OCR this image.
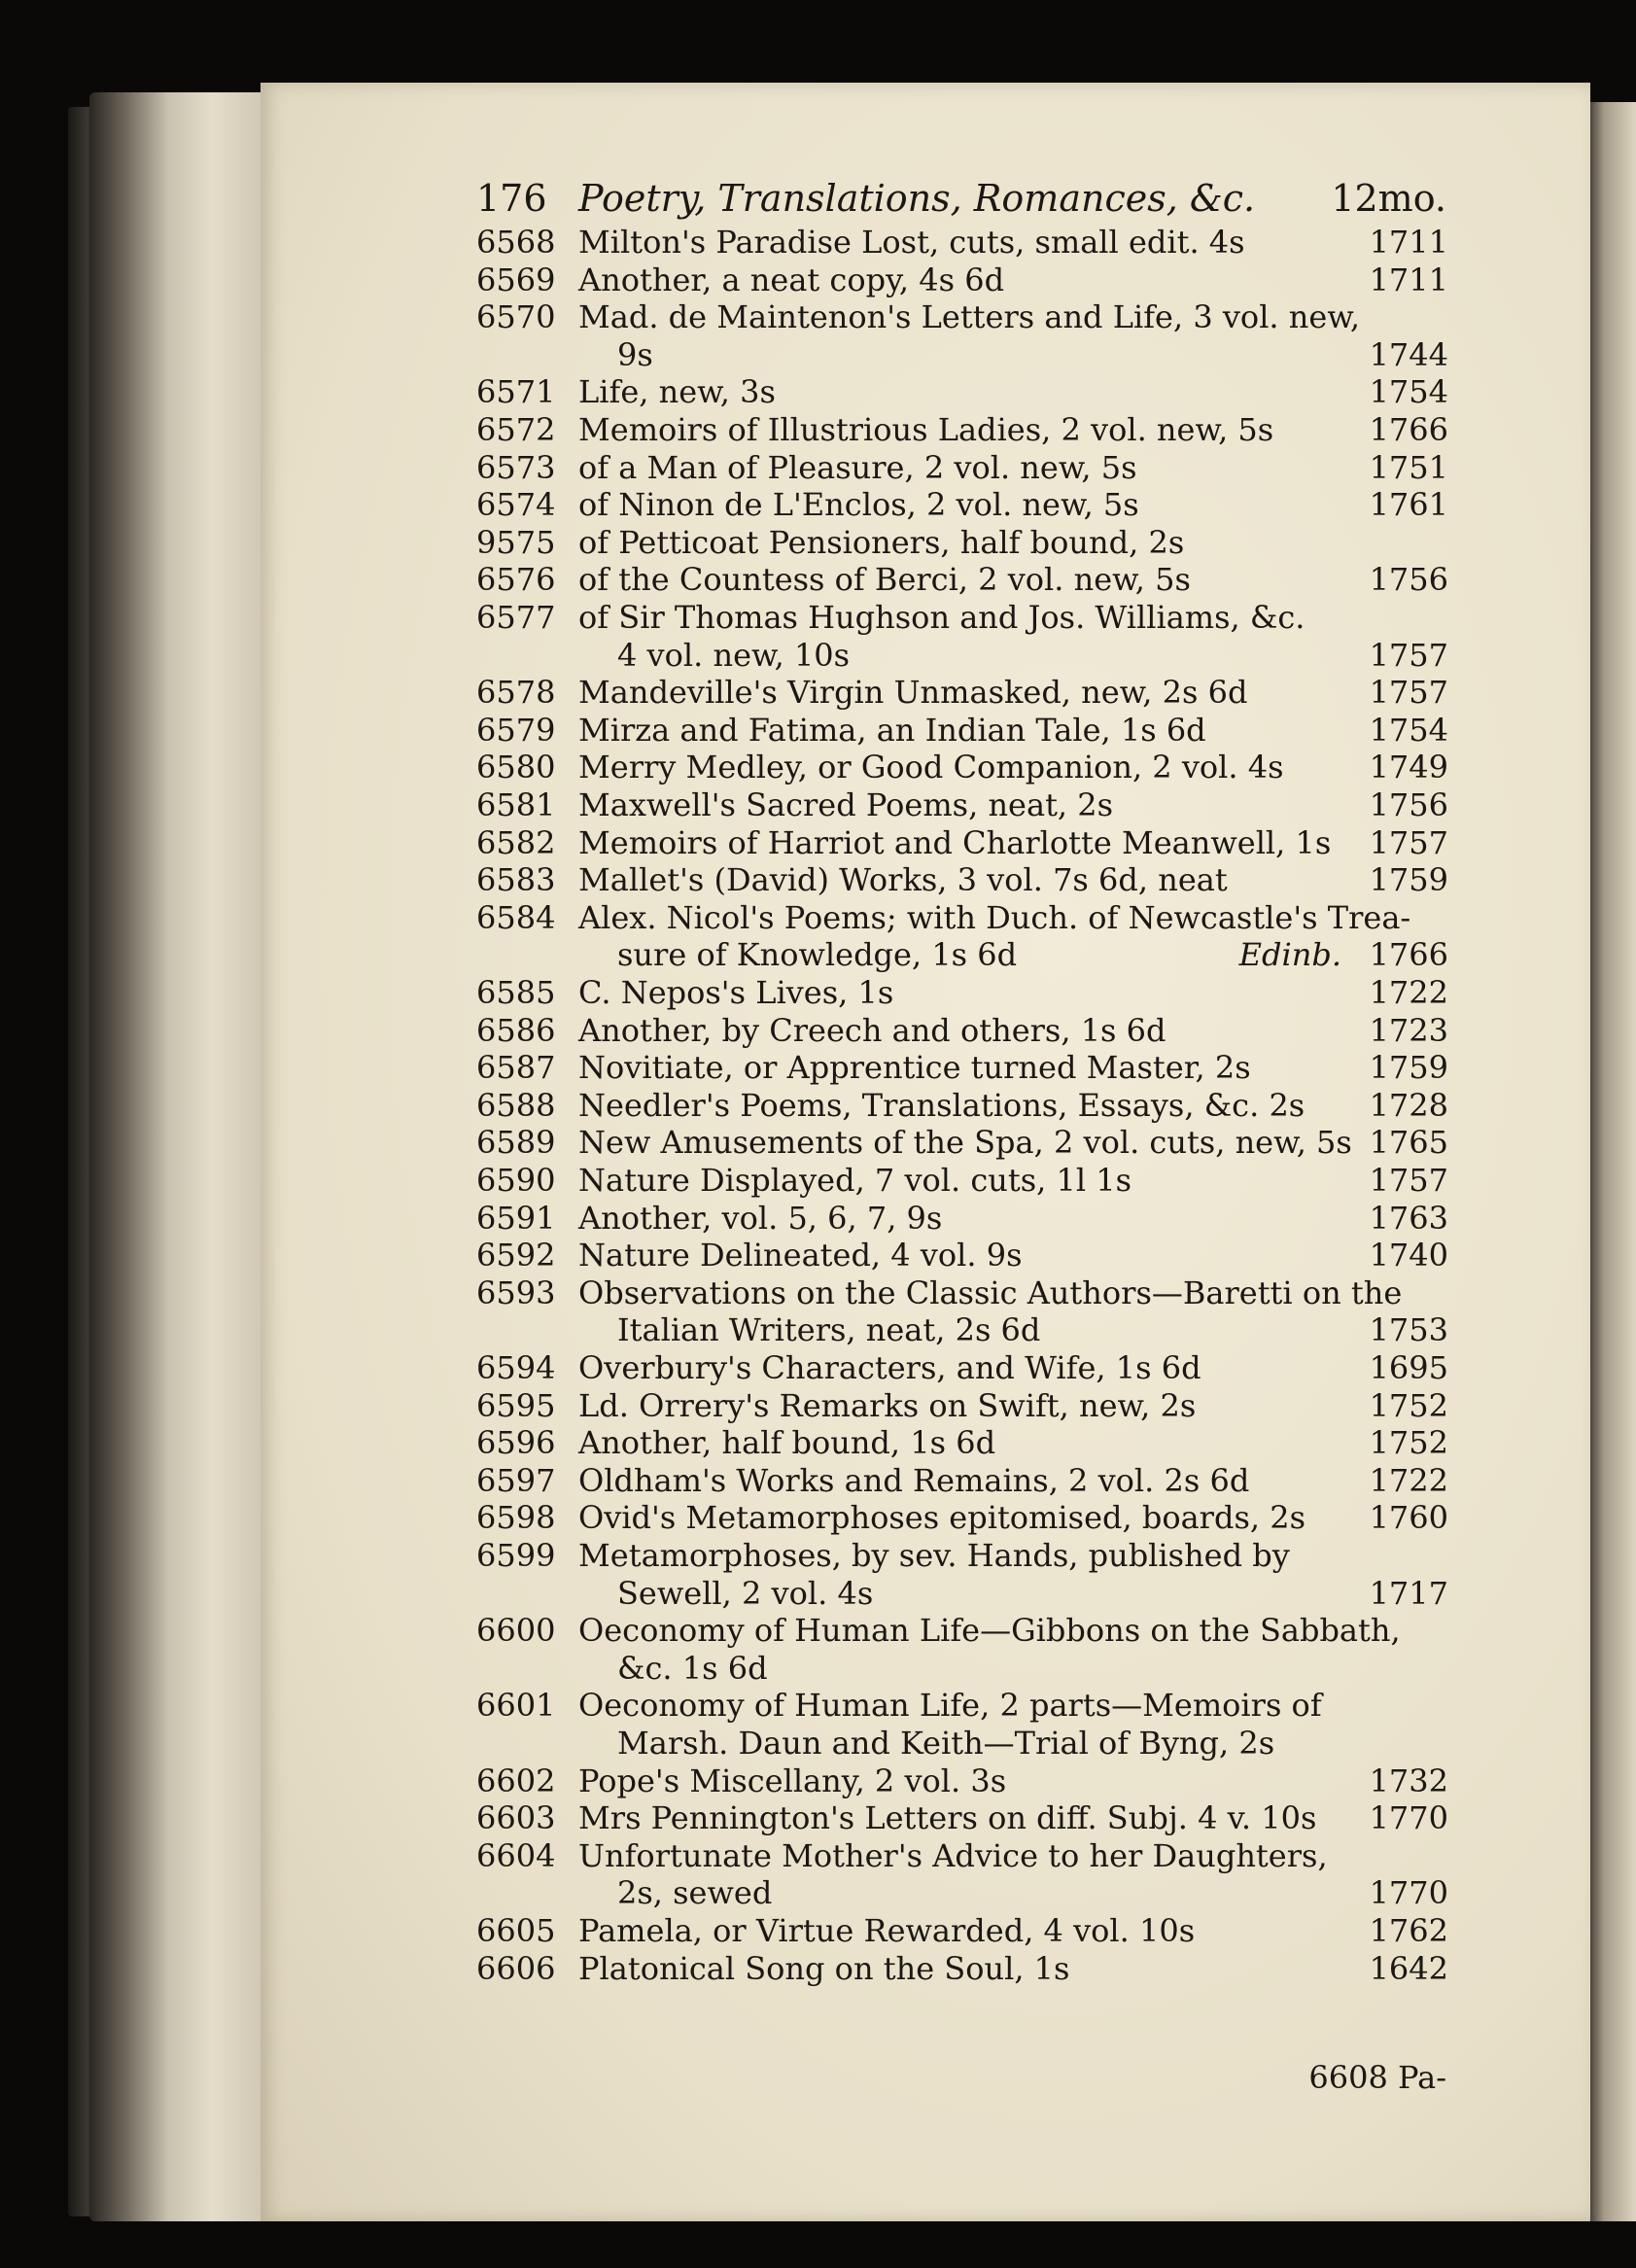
176 Poetry, Translations, Romances, &c. 12mo.
6568 Milton's Paradise Lost, cuts, small edit. 4s	1711
6569 Another, a neat copy, 4s 6d	1711
6570 Mad. de Maintenon's Letters and Life, 3 vol. new,
9s	1744
6571 Life, new, 3s	1754
6572 Memoirs of Illustrious Ladies, 2 vol. new, 5s	1766
6573 of a Man of Pleasure, 2 vol. new, 5s	1751
6574 of Ninon de L'Enclos, 2 vol. new, 5s	1761
9575 of Petticoat Pensioners, half bound, 2s
6576 of the Countess of Berci, 2 vol. new, 5s	1756
6577 of Sir Thomas Hughson and Jos. Williams, &c.
4 vol. new, 10s	1757
6578 Mandeville's Virgin Unmasked, new, 2s 6d	1757
6579 Mirza and Fatima, an Indian Tale, 1s 6d	1754
6580 Merry Medley, or Good Companion, 2 vol. 4s	1749
6581 Maxwell's Sacred Poems, neat, 2s	1756
6582 Memoirs of Harriot and Charlotte Meanwell, 1s	1757
6583 Mallet's (David) Works, 3 vol. 7s 6d, neat	1759
6584 Alex. Nicol's Poems; with Duch. of Newcastle's Trea-
sure of Knowledge, 1s 6d	Edinb. 1766
6585 C. Nepos's Lives, 1s	1722
6586 Another, by Creech and others, 1s 6d	1723
6587 Novitiate, or Apprentice turned Master, 2s	1759
6588 Needler's Poems, Translations, Essays, &c. 2s	1728
6589 New Amusements of the Spa, 2 vol. cuts, new, 5s 1765
6590 Nature Displayed, 7 vol. cuts, 1l 1s	1757
6591 Another, vol. 5, 6, 7, 9s	1763
6592 Nature Delineated, 4 vol. 9s	1740
6593 Observations on the Classic Authors—Baretti on the
Italian Writers, neat, 2s 6d	1753
6594 Overbury's Characters, and Wife, 1s 6d	1695
6595 Ld. Orrery's Remarks on Swift, new, 2s	1752
6596 Another, half bound, 1s 6d	1752
6597 Oldham's Works and Remains, 2 vol. 2s 6d	1722
6598 Ovid's Metamorphoses epitomised, boards, 2s	1760
6599 Metamorphoses, by sev. Hands, published by
Sewell, 2 vol. 4s	1717
6600 Oeconomy of Human Life—Gibbons on the Sabbath,
&c. 1s 6d
6601 Oeconomy of Human Life, 2 parts—Memoirs of
Marsh. Daun and Keith—Trial of Byng, 2s
6602 Pope's Miscellany, 2 vol. 3s	1732
6603 Mrs Pennington's Letters on diff. Subj. 4 v. 10s	1770
6604 Unfortunate Mother's Advice to her Daughters,
2s, sewed	1770
6605 Pamela, or Virtue Rewarded, 4 vol. 10s	1762
6606 Platonical Song on the Soul, 1s	1642
6608 Pa-
